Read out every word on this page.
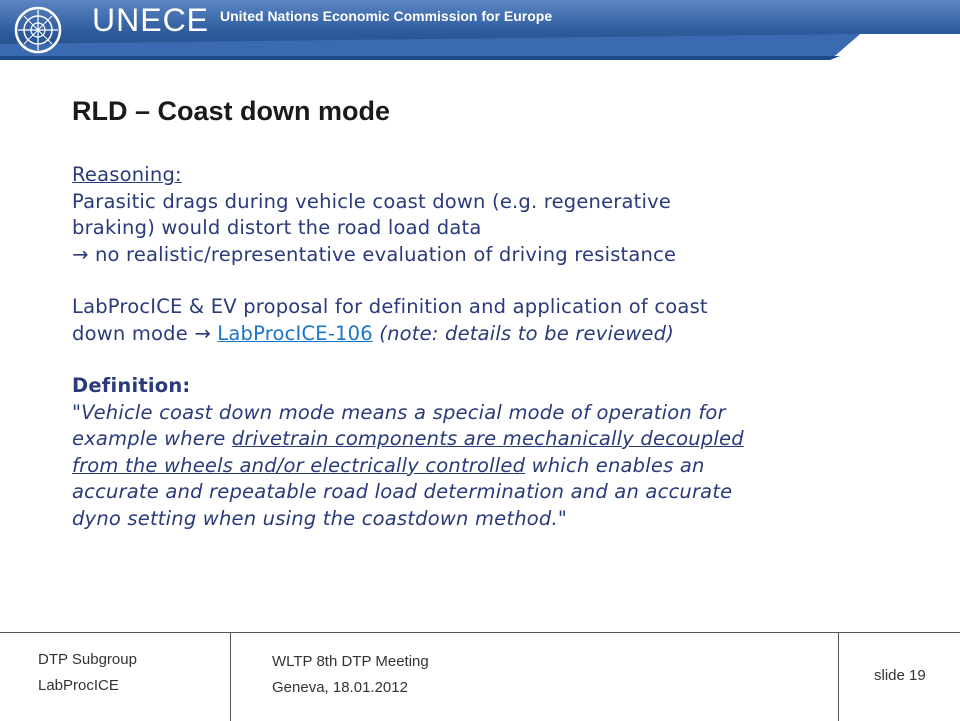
UNECE United Nations Economic Commission for Europe
RLD – Coast down mode

Reasoning:

Parasitic drags during vehicle coast down (e.g. regenerative

braking) would distort the road load data

→ no realistic/representative evaluation of driving resistance

LabProcICE & EV proposal for definition and application of coast

down mode → LabProcICE-106 (note: details to be reviewed)

Definition:

"Vehicle coast down mode means a special mode of operation for

example where drivetrain components are mechanically decoupled

from the wheels and/or electrically controlled which enables an

accurate and repeatable road load determination and an accurate

dyno setting when using the coastdown method."

DTP Subgroup
LabProcICE
WLTP 8th DTP Meeting
Geneva, 18.01.2012
slide 19
